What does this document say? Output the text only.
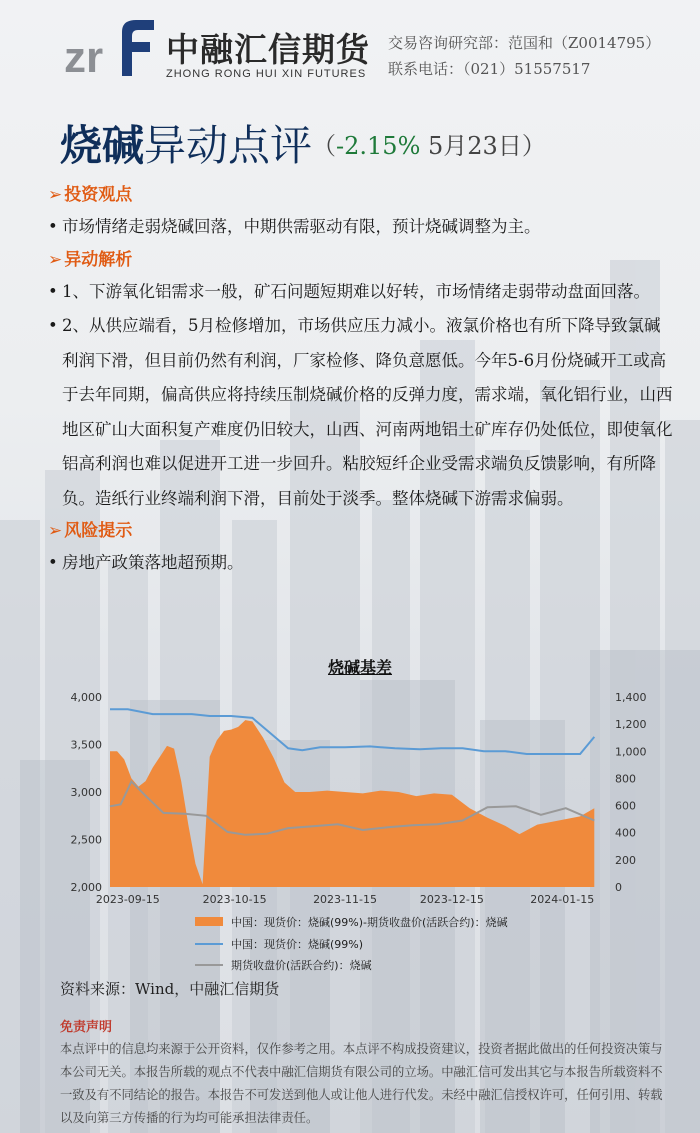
zr 中融汇信期货
ZHONG RONG HUI XIN FUTURES
交易咨询研究部：范国和（Z0014795）
联系电话：（021）51557517
烧碱异动点评（-2.15% 5月23日）
➢ 投资观点
• 市场情绪走弱烧碱回落，中期供需驱动有限，预计烧碱调整为主。
➢ 异动解析
• 1、下游氧化铝需求一般，矿石问题短期难以好转，市场情绪走弱带动盘面回落。
• 2、从供应端看，5月检修增加，市场供应压力减小。液氯价格也有所下降导致氯碱利润下滑，但目前仍然有利润，厂家检修、降负意愿低。今年5-6月份烧碱开工或高于去年同期，偏高供应将持续压制烧碱价格的反弹力度，需求端，氧化铝行业，山西地区矿山大面积复产难度仍旧较大，山西、河南两地铝土矿库存仍处低位，即使氧化铝高利润也难以促进开工进一步回升。粘胶短纤企业受需求端负反馈影响，有所降负。造纸行业终端利润下滑，目前处于淡季。整体烧碱下游需求偏弱。
➢ 风险提示
• 房地产政策落地超预期。
烧碱基差
4,000
3,500
3,000
2,500
2,000
1,400
1,200
1,000
800
600
400
200
0
2023-09-15	2023-10-15	2023-11-15	2023-12-15	2024-01-15
中国：现货价：烧碱(99%)-期货收盘价(活跃合约)：烧碱
中国：现货价：烧碱(99%)
期货收盘价(活跃合约)：烧碱
资料来源：Wind，中融汇信期货
免责声明
本点评中的信息均来源于公开资料，仅作参考之用。本点评不构成投资建议，投资者据此做出的任何投资决策与本公司无关。本报告所载的观点不代表中融汇信期货有限公司的立场。中融汇信可发出其它与本报告所载资料不一致及有不同结论的报告。本报告不可发送到他人或让他人进行代发。未经中融汇信授权许可，任何引用、转载以及向第三方传播的行为均可能承担法律责任。
